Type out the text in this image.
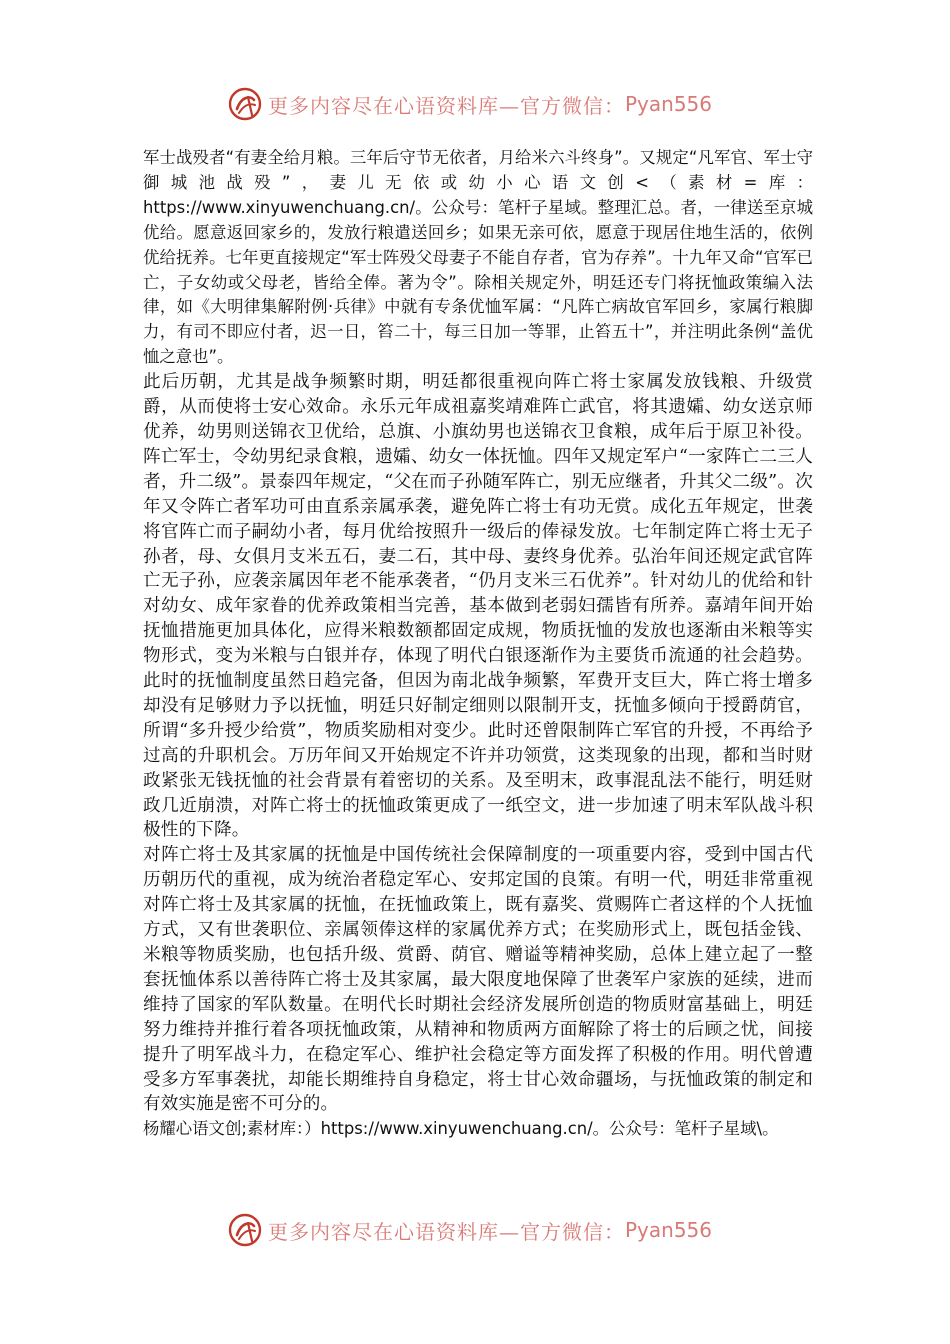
更多内容尽在心语资料库—官方微信： Pyan556

军士战殁者“有妻全给月粮。三年后守节无依者，月给米六斗终身”。又规定“凡军官、军士守御城池战殁”，妻儿无依或幼小心语文创<（素材=库：https://www.xinyuwenchuang.cn/。公众号：笔杆子星域。整理汇总。者，一律送至京城优给。愿意返回家乡的，发放行粮遣送回乡；如果无亲可依，愿意于现居住地生活的，依例优给抚养。七年更直接规定“军士阵殁父母妻子不能自存者，官为存养”。十九年又命“官军已亡，子女幼或父母老，皆给全俸。著为令”。除相关规定外，明廷还专门将抚恤政策编入法律，如《大明律集解附例·兵律》中就有专条优恤军属：“凡阵亡病故官军回乡，家属行粮脚力，有司不即应付者，迟一日，笞二十，每三日加一等罪，止笞五十”，并注明此条例“盖优恤之意也”。

此后历朝，尤其是战争频繁时期，明廷都很重视向阵亡将士家属发放钱粮、升级赏爵，从而使将士安心效命。永乐元年成祖嘉奖靖难阵亡武官，将其遗孀、幼女送京师优养，幼男则送锦衣卫优给，总旗、小旗幼男也送锦衣卫食粮，成年后于原卫补役。阵亡军士，令幼男纪录食粮，遗孀、幼女一体抚恤。四年又规定军户“一家阵亡二三人者，升二级”。景泰四年规定，“父在而子孙随军阵亡，别无应继者，升其父二级”。次年又令阵亡者军功可由直系亲属承袭，避免阵亡将士有功无赏。成化五年规定，世袭将官阵亡而子嗣幼小者，每月优给按照升一级后的俸禄发放。七年制定阵亡将士无子孙者，母、女俱月支米五石，妻二石，其中母、妻终身优养。弘治年间还规定武官阵亡无子孙，应袭亲属因年老不能承袭者，“仍月支米三石优养”。针对幼儿的优给和针对幼女、成年家眷的优养政策相当完善，基本做到老弱妇孺皆有所养。嘉靖年间开始抚恤措施更加具体化，应得米粮数额都固定成规，物质抚恤的发放也逐渐由米粮等实物形式，变为米粮与白银并存，体现了明代白银逐渐作为主要货币流通的社会趋势。此时的抚恤制度虽然日趋完备，但因为南北战争频繁，军费开支巨大，阵亡将士增多却没有足够财力予以抚恤，明廷只好制定细则以限制开支，抚恤多倾向于授爵荫官，所谓“多升授少给赏”，物质奖励相对变少。此时还曾限制阵亡军官的升授，不再给予过高的升职机会。万历年间又开始规定不许并功领赏，这类现象的出现，都和当时财政紧张无钱抚恤的社会背景有着密切的关系。及至明末，政事混乱法不能行，明廷财政几近崩溃，对阵亡将士的抚恤政策更成了一纸空文，进一步加速了明末军队战斗积极性的下降。

对阵亡将士及其家属的抚恤是中国传统社会保障制度的一项重要内容，受到中国古代历朝历代的重视，成为统治者稳定军心、安邦定国的良策。有明一代，明廷非常重视对阵亡将士及其家属的抚恤，在抚恤政策上，既有嘉奖、赏赐阵亡者这样的个人抚恤方式，又有世袭职位、亲属领俸这样的家属优养方式；在奖励形式上，既包括金钱、米粮等物质奖励，也包括升级、赏爵、荫官、赠谥等精神奖励，总体上建立起了一整套抚恤体系以善待阵亡将士及其家属，最大限度地保障了世袭军户家族的延续，进而维持了国家的军队数量。在明代长时期社会经济发展所创造的物质财富基础上，明廷努力维持并推行着各项抚恤政策，从精神和物质两方面解除了将士的后顾之忧，间接提升了明军战斗力，在稳定军心、维护社会稳定等方面发挥了积极的作用。明代曾遭受多方军事袭扰，却能长期维持自身稳定，将士甘心效命疆场，与抚恤政策的制定和有效实施是密不可分的。

杨耀心语文创;素材库：）https://www.xinyuwenchuang.cn/。公众号：笔杆子星域\。

更多内容尽在心语资料库—官方微信： Pyan556
